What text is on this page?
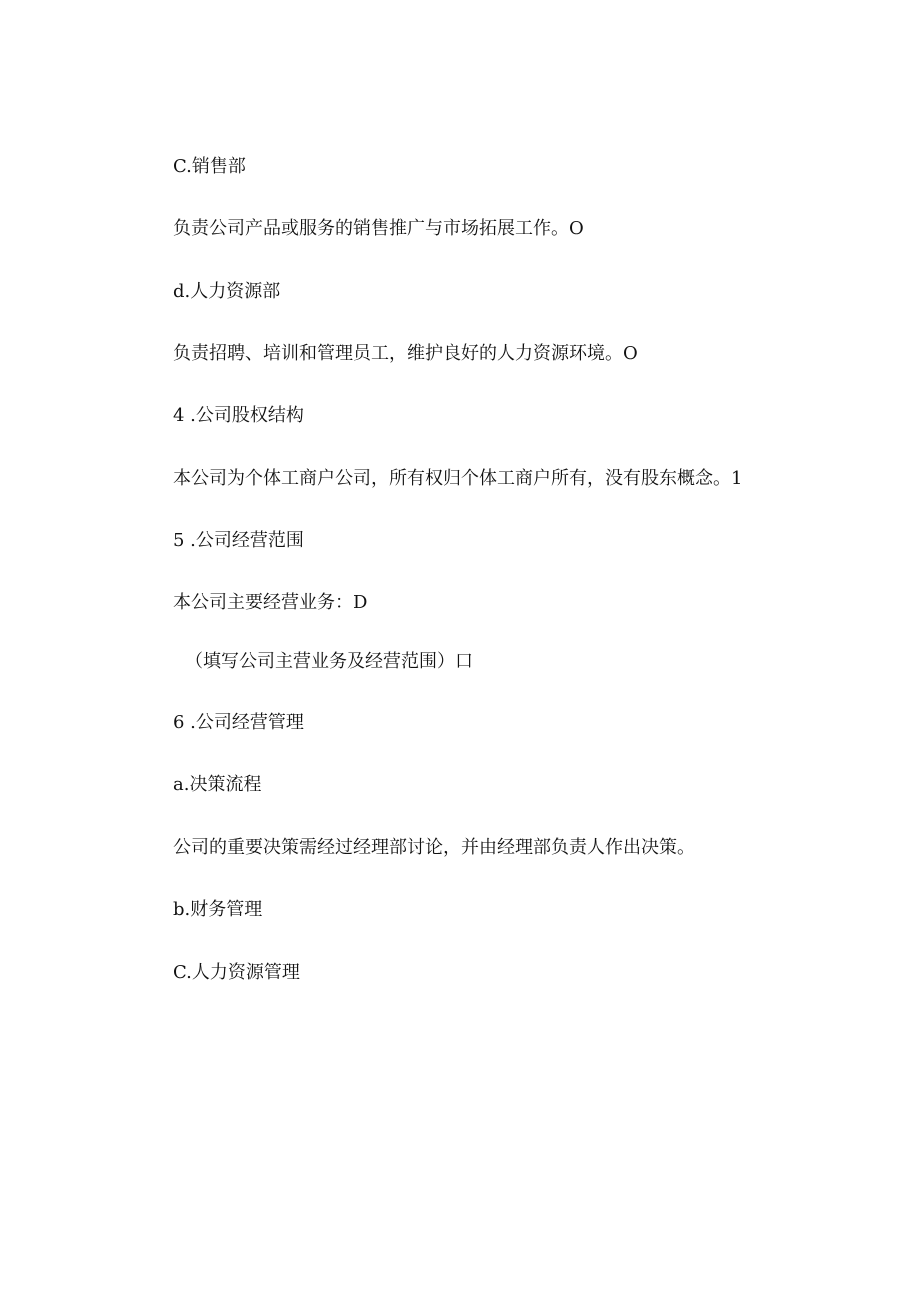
C.销售部
负责公司产品或服务的销售推广与市场拓展工作。O
d.人力资源部
负责招聘、培训和管理员工，维护良好的人力资源环境。O
4 .公司股权结构
本公司为个体工商户公司，所有权归个体工商户所有，没有股东概念。1
5 .公司经营范围
本公司主要经营业务：D
（填写公司主营业务及经营范围）口
6 .公司经营管理
a.决策流程
公司的重要决策需经过经理部讨论，并由经理部负责人作出决策。
b.财务管理
C.人力资源管理
